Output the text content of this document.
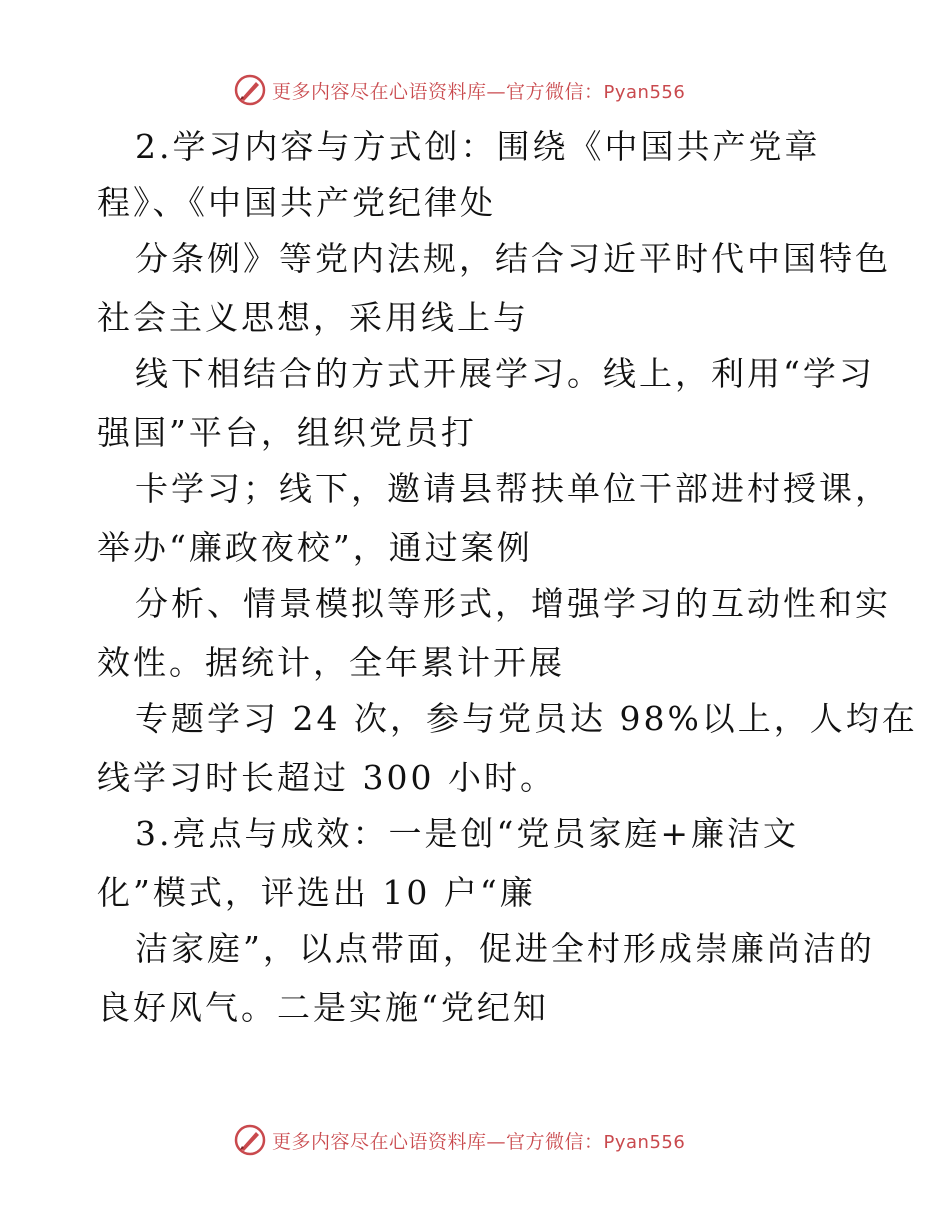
更多内容尽在心语资料库—官方微信：Pyan556
2.学习内容与方式创：围绕《中国共产党章
程》、《中国共产党纪律处
分条例》等党内法规，结合习近平时代中国特色
社会主义思想，采用线上与
线下相结合的方式开展学习。线上，利用“学习
强国”平台，组织党员打
卡学习；线下，邀请县帮扶单位干部进村授课，
举办“廉政夜校”，通过案例
分析、情景模拟等形式，增强学习的互动性和实
效性。据统计，全年累计开展
专题学习 24 次，参与党员达 98%以上，人均在
线学习时长超过 300 小时。
3.亮点与成效：一是创“党员家庭+廉洁文
化”模式，评选出 10 户“廉
洁家庭”，以点带面，促进全村形成崇廉尚洁的
良好风气。二是实施“党纪知
更多内容尽在心语资料库—官方微信：Pyan556
